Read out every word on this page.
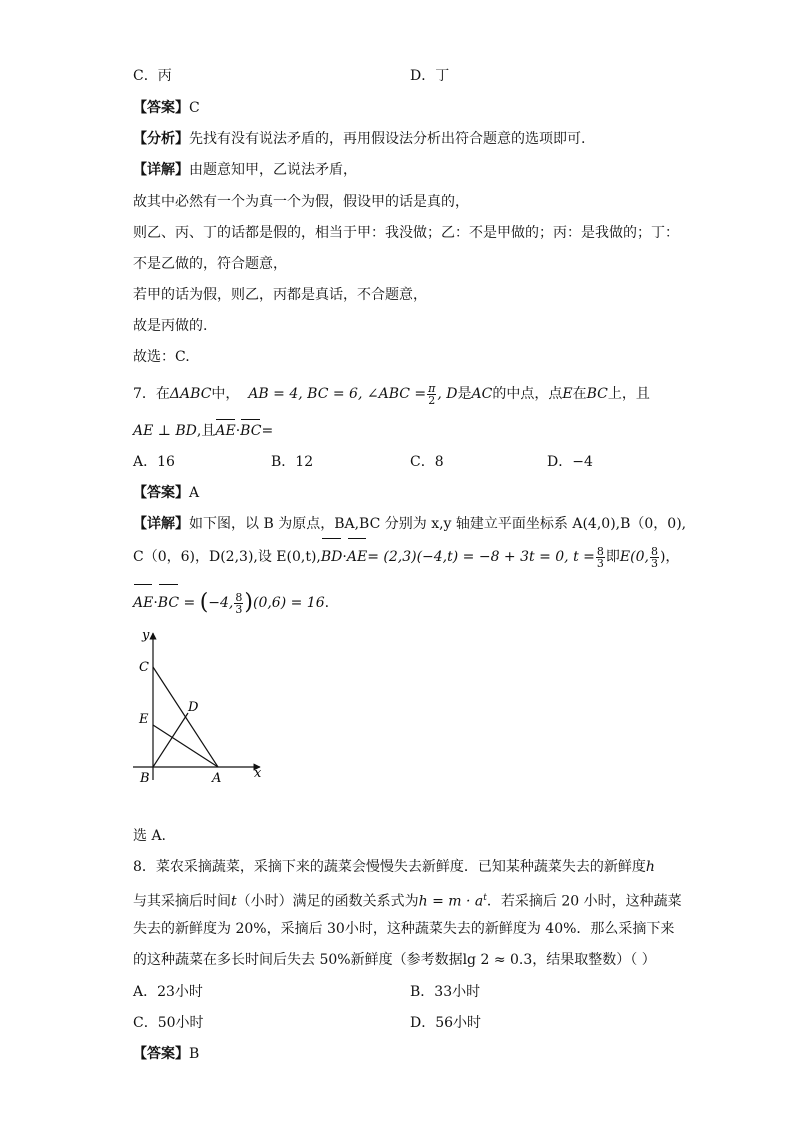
C．丙	D．丁
【答案】C
【分析】先找有没有说法矛盾的，再用假设法分析出符合题意的选项即可.
【详解】由题意知甲，乙说法矛盾，
故其中必然有一个为真一个为假，假设甲的话是真的，
则乙、丙、丁的话都是假的，相当于甲：我没做；乙：不是甲做的；丙：是我做的；丁：
不是乙做的，符合题意，
若甲的话为假，则乙，丙都是真话，不合题意，
故是丙做的.
故选：C.
7．在ΔABC中， AB = 4, BC = 6, ∠ABC = $\frac{\pi}{2}$ , D是AC的中点，点E在BC上，且
AE ⊥ BD,且AE·BC=
A．16	B．12	C．8	D．−4
【答案】A
【详解】如下图，以 B 为原点，BA,BC 分别为 x,y 轴建立平面坐标系 A(4,0),B（0，0),
C（0，6)，D(2,3),设 E(0,t),BD·AE= (2,3)(−4,t) = −8 + 3t = 0, $t = \frac{8}{3}$ 即E(0, $\frac{8}{3}$ )，
AE·BC = (−4, $\frac{8}{3} )(0,6) = 16$.
y
x
C
D
E
B	A
选 A.
8．菜农采摘蔬菜，采摘下来的蔬菜会慢慢失去新鲜度．已知某种蔬菜失去的新鲜度h
与其采摘后时间t（小时）满足的函数关系式为$h = m \cdot a^t$．若采摘后 20 小时，这种蔬菜
失去的新鲜度为 20%，采摘后 30小时，这种蔬菜失去的新鲜度为 40%．那么采摘下来
的这种蔬菜在多长时间后失去 50%新鲜度（参考数据lg 2 ≈ 0.3，结果取整数）（ ）
A．23小时	B．33小时
C．50小时	D．56小时
【答案】B
